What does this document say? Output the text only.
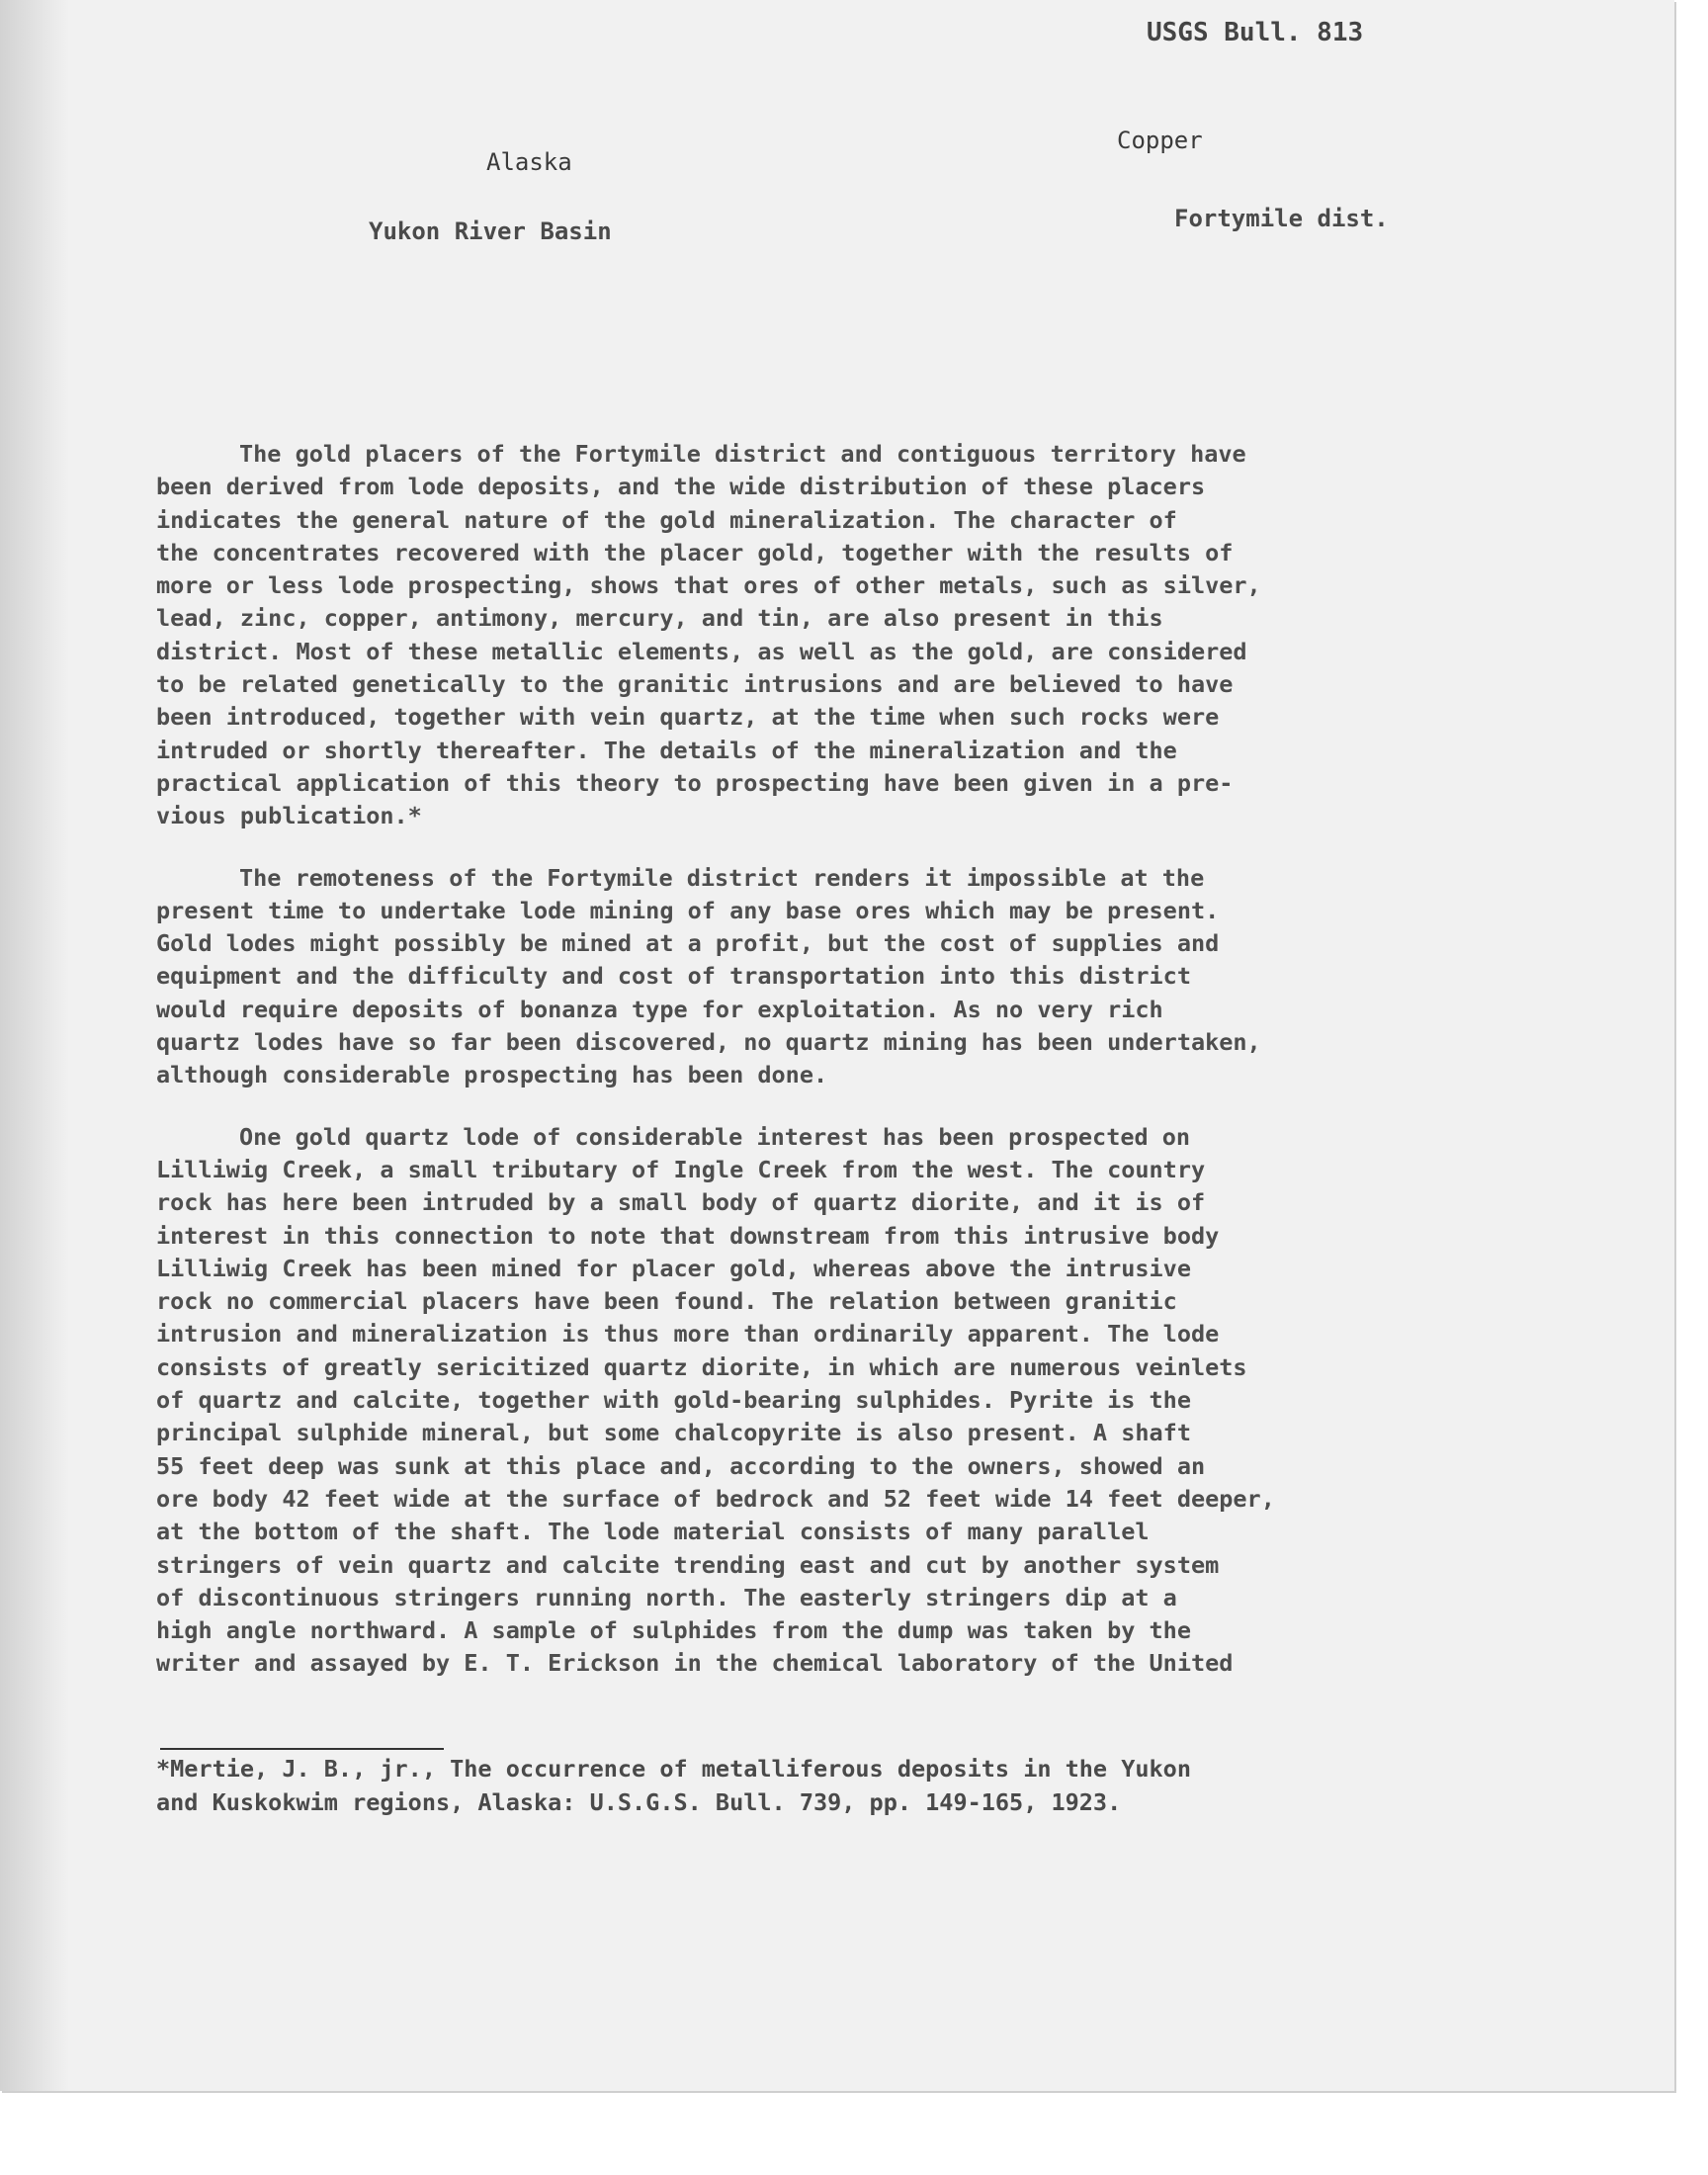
USGS Bull. 813
Alaska
Yukon River Basin
Copper
Fortymile dist.

The gold placers of the Fortymile district and contiguous territory have
been derived from lode deposits, and the wide distribution of these placers
indicates the general nature of the gold mineralization. The character of
the concentrates recovered with the placer gold, together with the results of
more or less lode prospecting, shows that ores of other metals, such as silver,
lead, zinc, copper, antimony, mercury, and tin, are also present in this
district. Most of these metallic elements, as well as the gold, are considered
to be related genetically to the granitic intrusions and are believed to have
been introduced, together with vein quartz, at the time when such rocks were
intruded or shortly thereafter. The details of the mineralization and the
practical application of this theory to prospecting have been given in a pre-
vious publication.*

The remoteness of the Fortymile district renders it impossible at the
present time to undertake lode mining of any base ores which may be present.
Gold lodes might possibly be mined at a profit, but the cost of supplies and
equipment and the difficulty and cost of transportation into this district
would require deposits of bonanza type for exploitation. As no very rich
quartz lodes have so far been discovered, no quartz mining has been undertaken,
although considerable prospecting has been done.

One gold quartz lode of considerable interest has been prospected on
Lilliwig Creek, a small tributary of Ingle Creek from the west. The country
rock has here been intruded by a small body of quartz diorite, and it is of
interest in this connection to note that downstream from this intrusive body
Lilliwig Creek has been mined for placer gold, whereas above the intrusive
rock no commercial placers have been found. The relation between granitic
intrusion and mineralization is thus more than ordinarily apparent. The lode
consists of greatly sericitized quartz diorite, in which are numerous veinlets
of quartz and calcite, together with gold-bearing sulphides. Pyrite is the
principal sulphide mineral, but some chalcopyrite is also present. A shaft
55 feet deep was sunk at this place and, according to the owners, showed an
ore body 42 feet wide at the surface of bedrock and 52 feet wide 14 feet deeper,
at the bottom of the shaft. The lode material consists of many parallel
stringers of vein quartz and calcite trending east and cut by another system
of discontinuous stringers running north. The easterly stringers dip at a
high angle northward. A sample of sulphides from the dump was taken by the
writer and assayed by E. T. Erickson in the chemical laboratory of the United

*Mertie, J. B., jr., The occurrence of metalliferous deposits in the Yukon
and Kuskokwim regions, Alaska: U.S.G.S. Bull. 739, pp. 149-165, 1923.
